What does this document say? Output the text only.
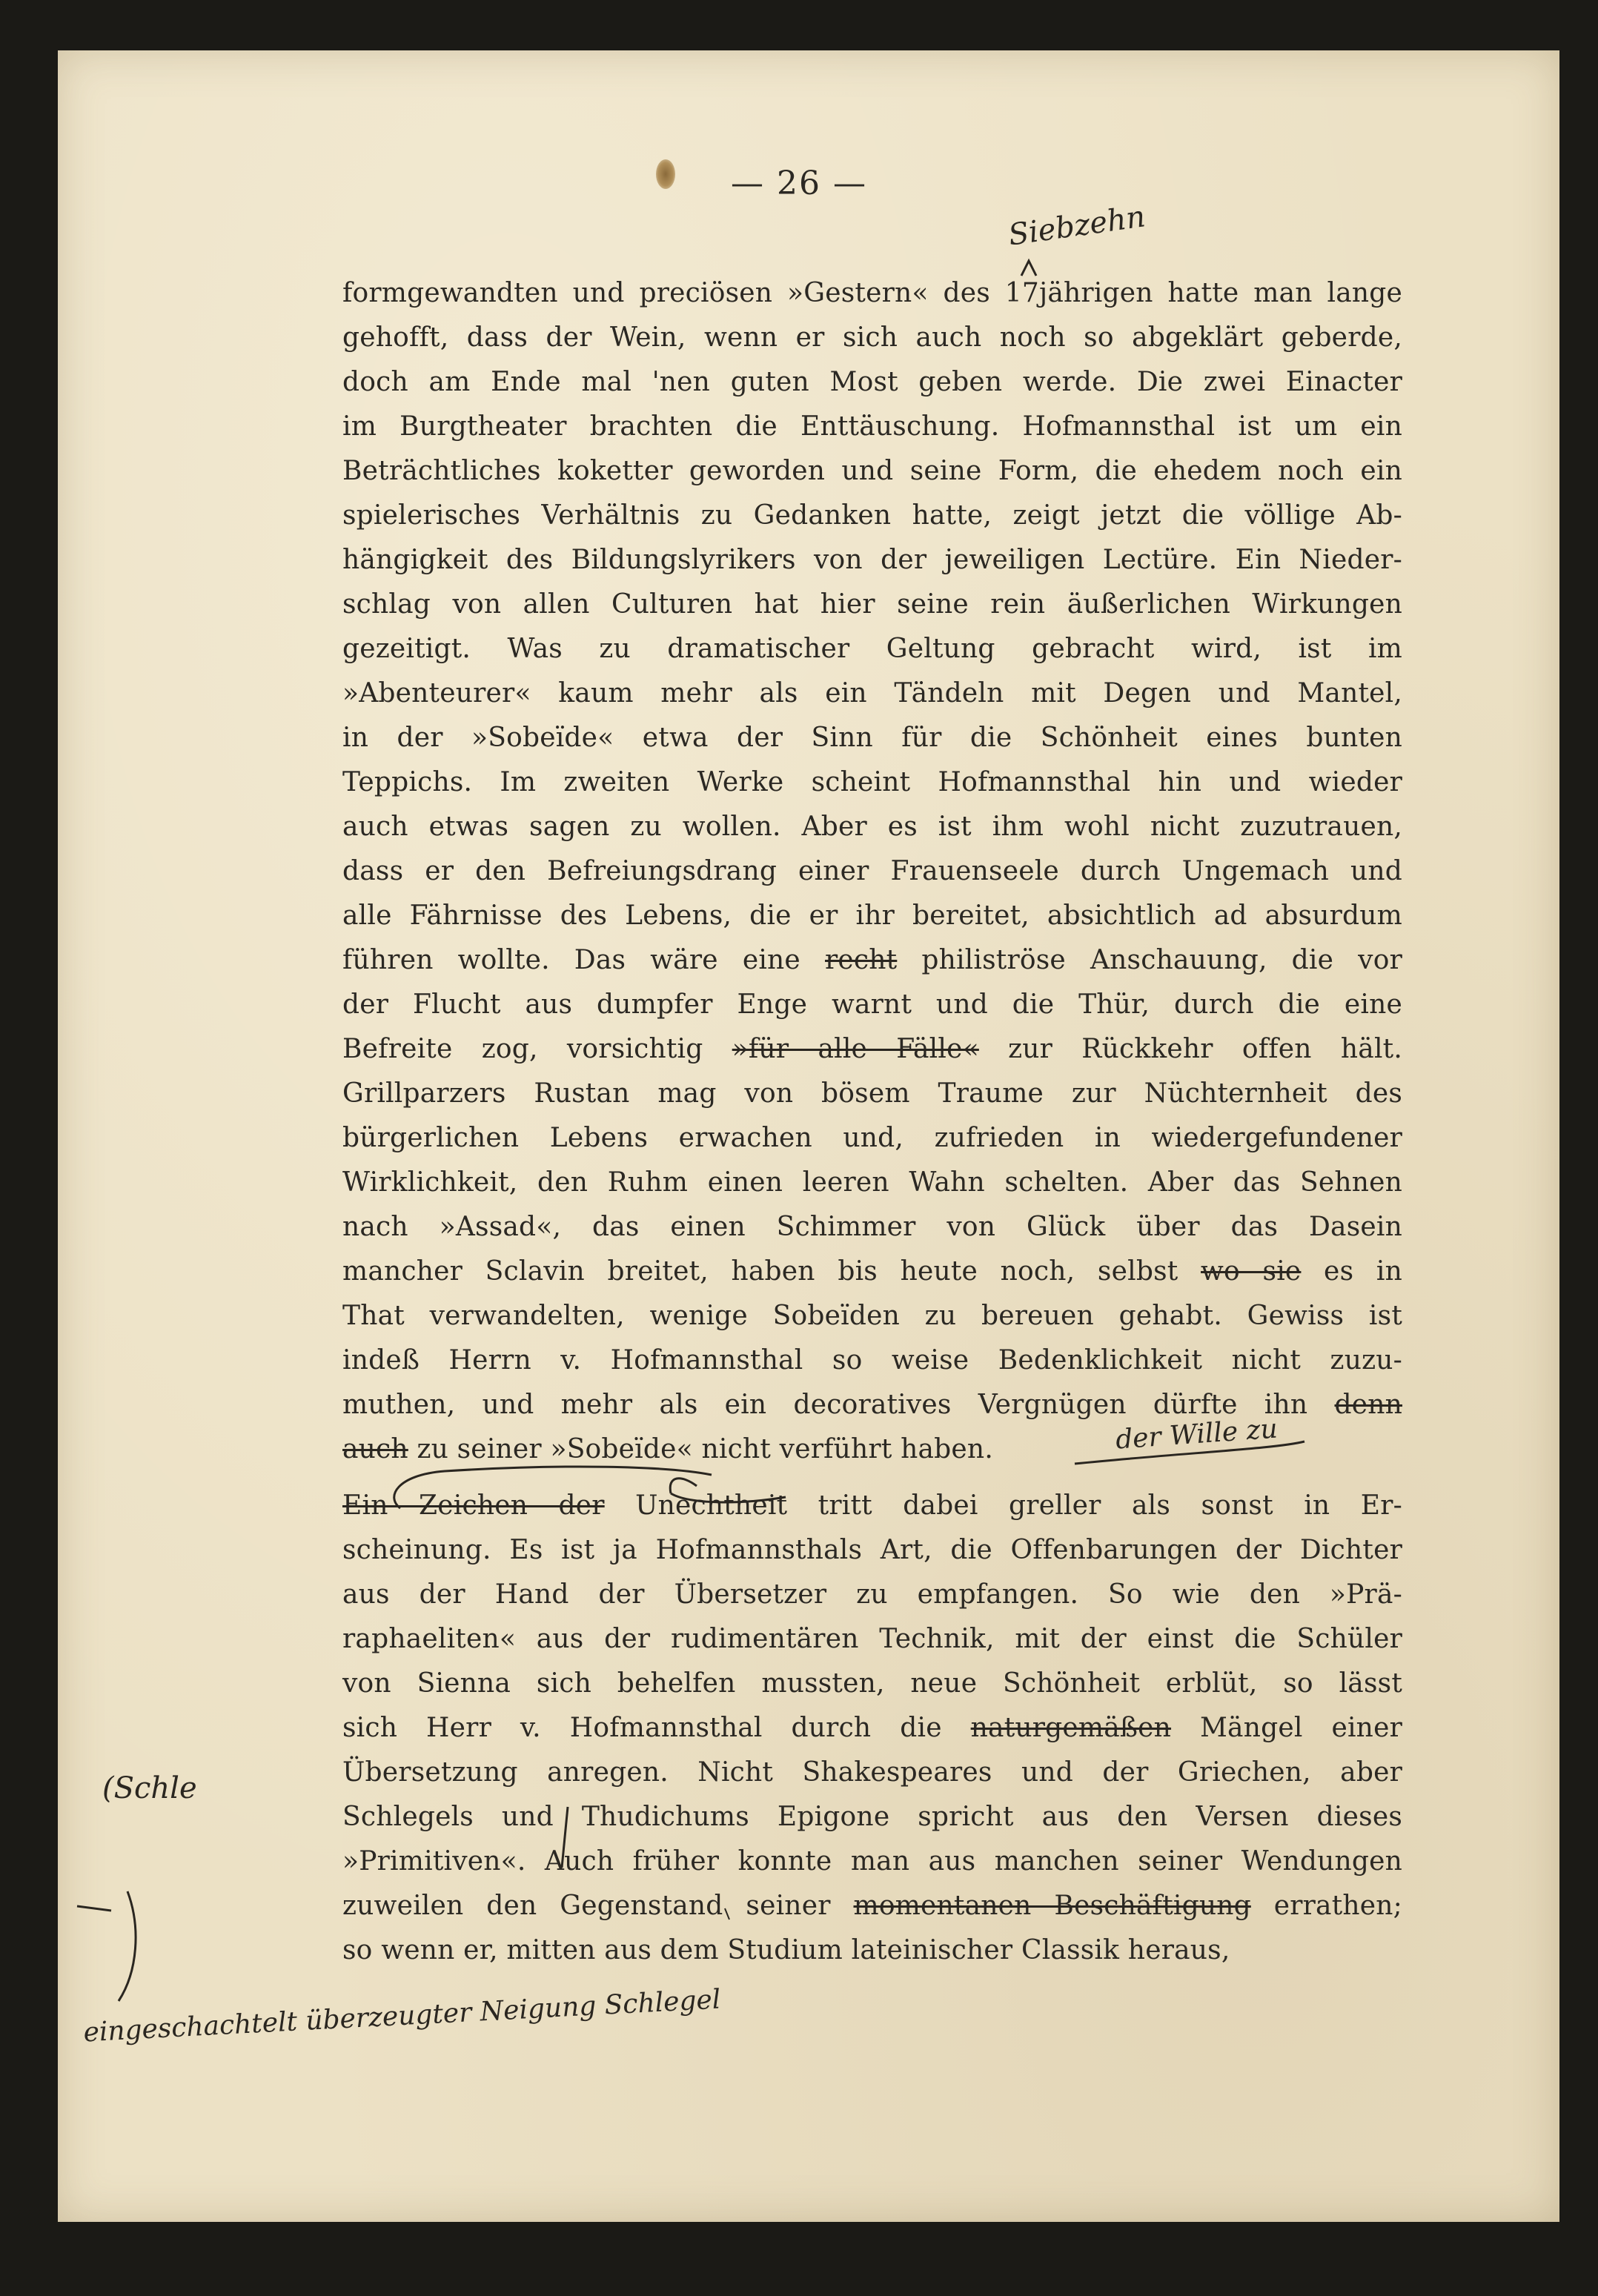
— 26 —
formgewandten und preciösen »Gestern« des 17jährigen hatte man lange
gehofft, dass der Wein, wenn er sich auch noch so abgeklärt geberde,
doch am Ende mal 'nen guten Most geben werde. Die zwei Einacter
im Burgtheater brachten die Enttäuschung. Hofmannsthal ist um ein
Beträchtliches koketter geworden und seine Form, die ehedem noch ein
spielerisches Verhältnis zu Gedanken hatte, zeigt jetzt die völlige Ab-
hängigkeit des Bildungslyrikers von der jeweiligen Lectüre. Ein Nieder-
schlag von allen Culturen hat hier seine rein äußerlichen Wirkungen
gezeitigt. Was zu dramatischer Geltung gebracht wird, ist im
»Abenteurer« kaum mehr als ein Tändeln mit Degen und Mantel,
in der »Sobeïde« etwa der Sinn für die Schönheit eines bunten
Teppichs. Im zweiten Werke scheint Hofmannsthal hin und wieder
auch etwas sagen zu wollen. Aber es ist ihm wohl nicht zuzutrauen,
dass er den Befreiungsdrang einer Frauenseele durch Ungemach und
alle Fährnisse des Lebens, die er ihr bereitet, absichtlich ad absurdum
führen wollte. Das wäre eine recht philiströse Anschauung, die vor
der Flucht aus dumpfer Enge warnt und die Thür, durch die eine
Befreite zog, vorsichtig »für alle Fälle« zur Rückkehr offen hält.
Grillparzers Rustan mag von bösem Traume zur Nüchternheit des
bürgerlichen Lebens erwachen und, zufrieden in wiedergefundener
Wirklichkeit, den Ruhm einen leeren Wahn schelten. Aber das Sehnen
nach »Assad«, das einen Schimmer von Glück über das Dasein
mancher Sclavin breitet, haben bis heute noch, selbst wo sie es in
That verwandelten, wenige Sobeïden zu bereuen gehabt. Gewiss ist
indeß Herrn v. Hofmannsthal so weise Bedenklichkeit nicht zuzu-
muthen, und mehr als ein decoratives Vergnügen dürfte ihn denn
auch zu seiner »Sobeïde« nicht verführt haben.
Ein Zeichen der Unechtheit tritt dabei greller als sonst in Er-
scheinung. Es ist ja Hofmannsthals Art, die Offenbarungen der Dichter
aus der Hand der Übersetzer zu empfangen. So wie den »Prä-
raphaeliten« aus der rudimentären Technik, mit der einst die Schüler
von Sienna sich behelfen mussten, neue Schönheit erblüt, so lässt
sich Herr v. Hofmannsthal durch die naturgemäßen Mängel einer
Übersetzung anregen. Nicht Shakespeares und der Griechen, aber
Schlegels und Thudichums Epigone spricht aus den Versen dieses
»Primitiven«. Auch früher konnte man aus manchen seiner Wendungen
zuweilen den Gegenstand seiner momentanen Beschäftigung errathen;
so wenn er, mitten aus dem Studium lateinischer Classik heraus,
Siebzehn
der Wille zu
(Schle
eingeschachtelt überzeugter Neigung Schlegel
